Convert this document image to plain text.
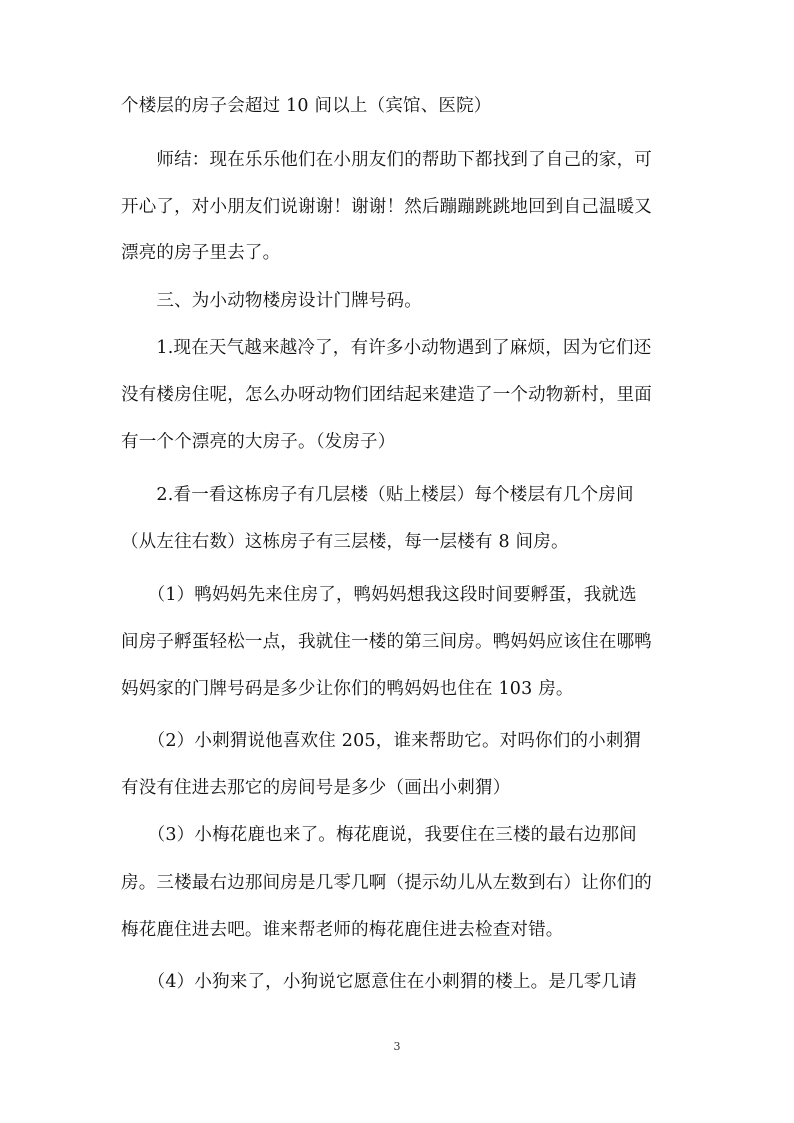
个楼层的房子会超过 10 间以上（宾馆、医院）
　　师结：现在乐乐他们在小朋友们的帮助下都找到了自己的家，可
开心了，对小朋友们说谢谢！谢谢！然后蹦蹦跳跳地回到自己温暖又
漂亮的房子里去了。
　　三、为小动物楼房设计门牌号码。
　　1.现在天气越来越冷了，有许多小动物遇到了麻烦，因为它们还
没有楼房住呢，怎么办呀动物们团结起来建造了一个动物新村，里面
有一个个漂亮的大房子。（发房子）
　　2.看一看这栋房子有几层楼（贴上楼层）每个楼层有几个房间
（从左往右数）这栋房子有三层楼，每一层楼有 8 间房。
　　（1）鸭妈妈先来住房了，鸭妈妈想我这段时间要孵蛋，我就选
间房子孵蛋轻松一点，我就住一楼的第三间房。鸭妈妈应该住在哪鸭
妈妈家的门牌号码是多少让你们的鸭妈妈也住在 103 房。
　　（2）小刺猬说他喜欢住 205，谁来帮助它。对吗你们的小刺猬
有没有住进去那它的房间号是多少（画出小刺猬）
　　（3）小梅花鹿也来了。梅花鹿说，我要住在三楼的最右边那间
房。三楼最右边那间房是几零几啊（提示幼儿从左数到右）让你们的
梅花鹿住进去吧。谁来帮老师的梅花鹿住进去检查对错。
　　（4）小狗来了，小狗说它愿意住在小刺猬的楼上。是几零几请
3
